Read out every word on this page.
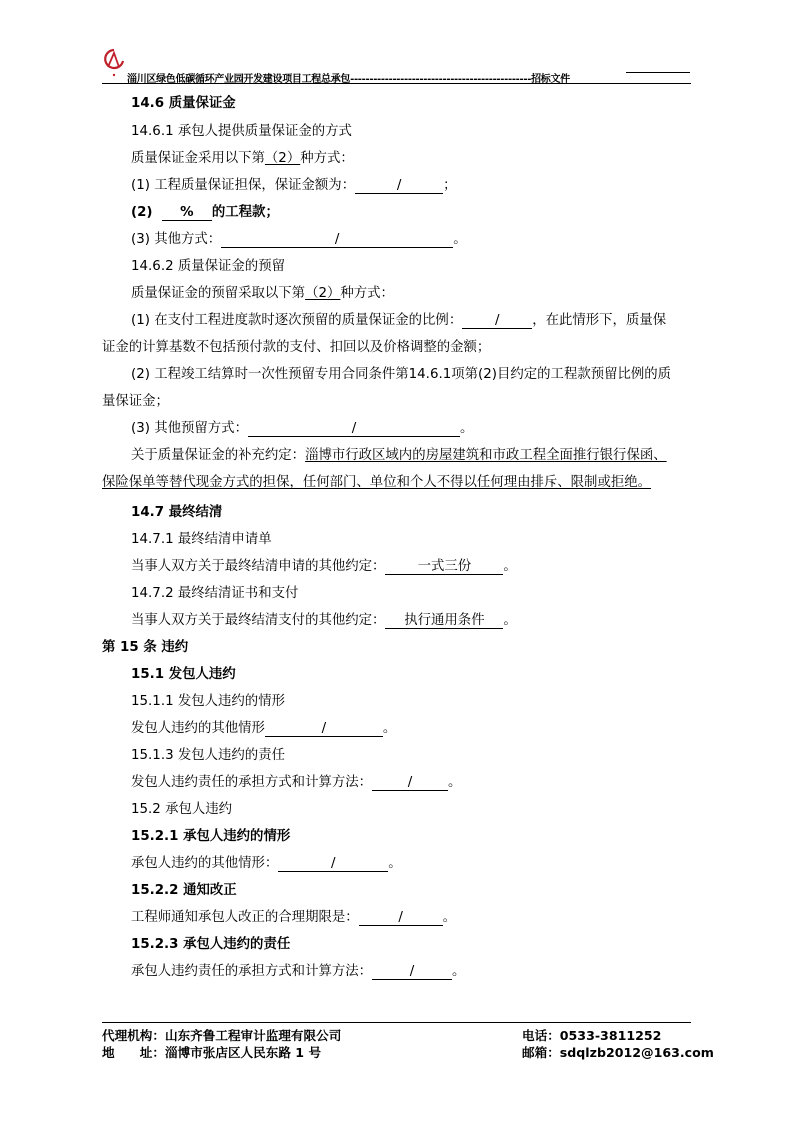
淄川区绿色低碳循环产业园开发建设项目工程总承包-----------------------------------------------招标文件
14.6 质量保证金
14.6.1 承包人提供质量保证金的方式
质量保证金采用以下第（2）种方式：
(1) 工程质量保证担保，保证金额为：	/	；
(2) % 的工程款；
(3) 其他方式：	/	。
14.6.2 质量保证金的预留
质量保证金的预留采取以下第（2）种方式：
(1) 在支付工程进度款时逐次预留的质量保证金的比例： / ，在此情形下，质量保
证金的计算基数不包括预付款的支付、扣回以及价格调整的金额；
(2) 工程竣工结算时一次性预留专用合同条件第14.6.1项第(2)目约定的工程款预留比例的质
量保证金；
(3) 其他预留方式：	/	。
关于质量保证金的补充约定：淄博市行政区域内的房屋建筑和市政工程全面推行银行保函、
保险保单等替代现金方式的担保，任何部门、单位和个人不得以任何理由排斥、限制或拒绝。
14.7 最终结清
14.7.1 最终结清申请单
当事人双方关于最终结清申请的其他约定： 一式三份 。
14.7.2 最终结清证书和支付
当事人双方关于最终结清支付的其他约定： 执行通用条件 。
第 15 条 违约
15.1 发包人违约
15.1.1 发包人违约的情形
发包人违约的其他情形	/	。
15.1.3 发包人违约的责任
发包人违约责任的承担方式和计算方法：	/	。
15.2 承包人违约
15.2.1 承包人违约的情形
承包人违约的其他情形：	/	。
15.2.2 通知改正
工程师通知承包人改正的合理期限是：	/	。
15.2.3 承包人违约的责任
承包人违约责任的承担方式和计算方法：	/	。
代理机构：山东齐鲁工程审计监理有限公司
地　　址：淄博市张店区人民东路 1 号
电话：0533-3811252
邮箱：sdqlzb2012@163.com
